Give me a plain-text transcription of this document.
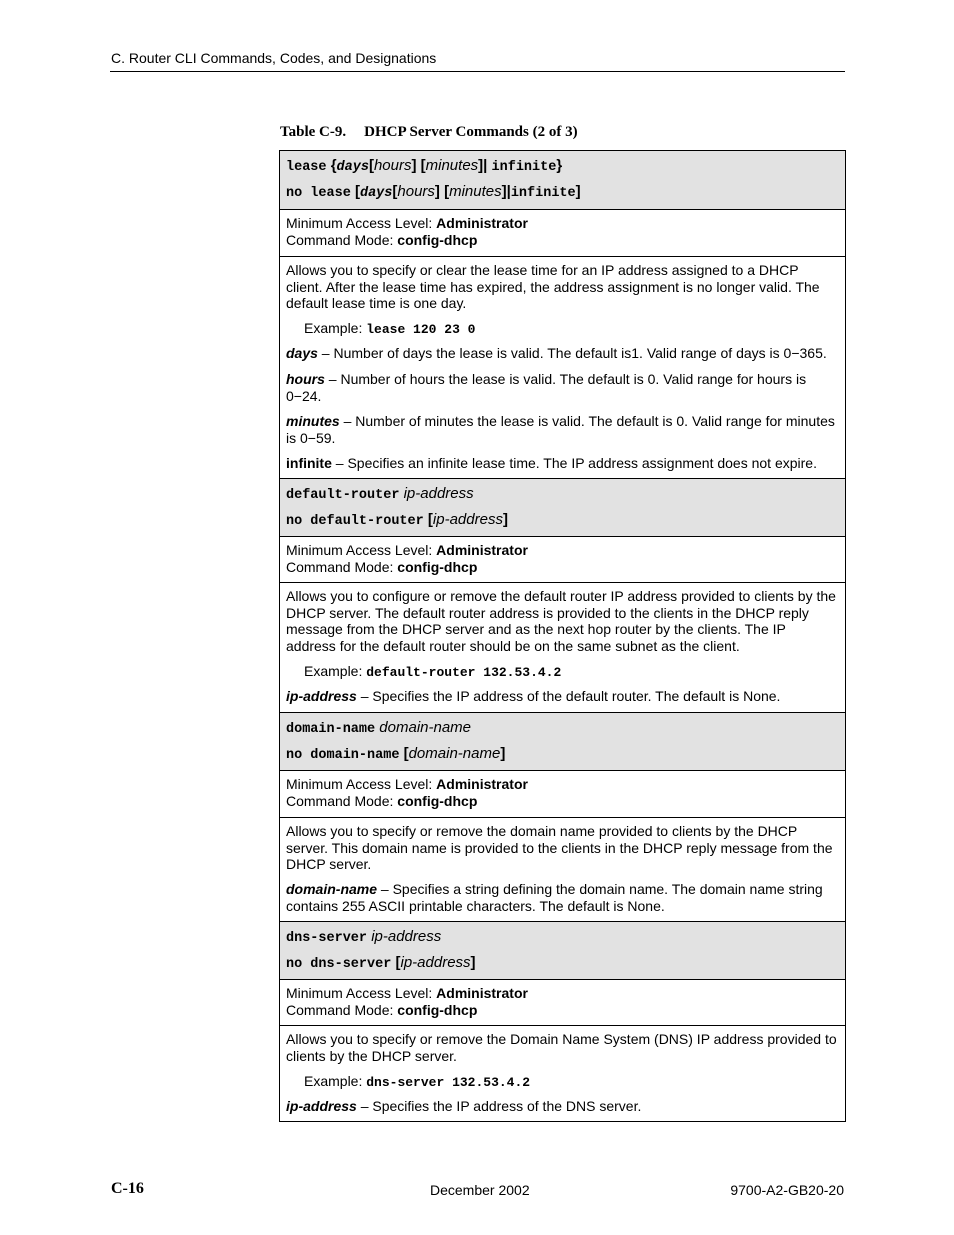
C. Router CLI Commands, Codes, and Designations
Table C-9. DHCP Server Commands (2 of 3)
lease {days[hours] [minutes]| infinite}
no lease [days[hours] [minutes]|infinite]
Minimum Access Level: Administrator
Command Mode: config-dhcp
Allows you to specify or clear the lease time for an IP address assigned to a DHCP client. After the lease time has expired, the address assignment is no longer valid. The default lease time is one day.
Example: lease 120 23 0
days – Number of days the lease is valid. The default is1. Valid range of days is 0−365.
hours – Number of hours the lease is valid. The default is 0. Valid range for hours is 0−24.
minutes – Number of minutes the lease is valid. The default is 0. Valid range for minutes is 0−59.
infinite – Specifies an infinite lease time. The IP address assignment does not expire.
default-router ip-address
no default-router [ip-address]
Minimum Access Level: Administrator
Command Mode: config-dhcp
Allows you to configure or remove the default router IP address provided to clients by the DHCP server. The default router address is provided to the clients in the DHCP reply message from the DHCP server and as the next hop router by the clients. The IP address for the default router should be on the same subnet as the client.
Example: default-router 132.53.4.2
ip-address – Specifies the IP address of the default router. The default is None.
domain-name domain-name
no domain-name [domain-name]
Minimum Access Level: Administrator
Command Mode: config-dhcp
Allows you to specify or remove the domain name provided to clients by the DHCP server. This domain name is provided to the clients in the DHCP reply message from the DHCP server.
domain-name – Specifies a string defining the domain name. The domain name string contains 255 ASCII printable characters. The default is None.
dns-server ip-address
no dns-server [ip-address]
Minimum Access Level: Administrator
Command Mode: config-dhcp
Allows you to specify or remove the Domain Name System (DNS) IP address provided to clients by the DHCP server.
Example: dns-server 132.53.4.2
ip-address – Specifies the IP address of the DNS server.
C-16	December 2002	9700-A2-GB20-20
